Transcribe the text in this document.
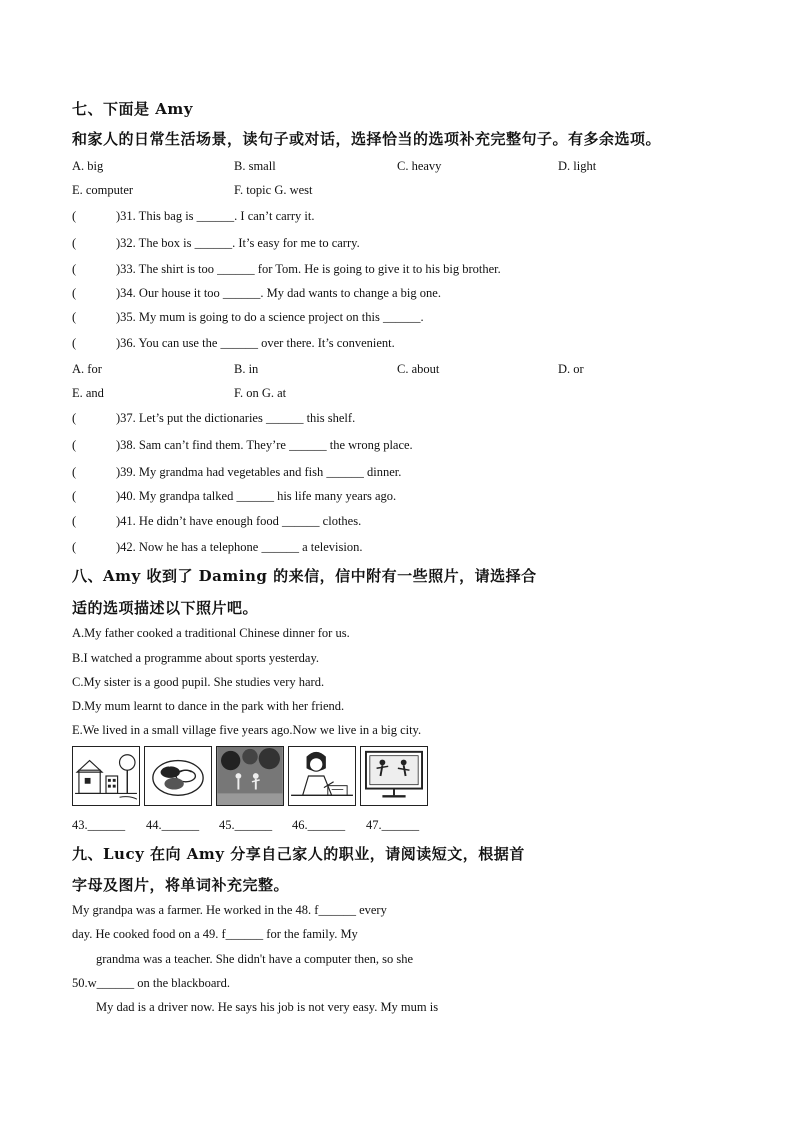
七、下面是 Amy
和家人的日常生活场景，读句子或对话，选择恰当的选项补充完整句子。有多余选项。
A. big	B. small	C. heavy	D. light
E. computer	F. topic G. west
(	)31. This bag is ______. I can’t carry it.
(	)32. The box is ______. It’s easy for me to carry.
(	)33. The shirt is too ______ for Tom. He is going to give it to his big brother.
(	)34. Our house it too ______. My dad wants to change a big one.
(	)35. My mum is going to do a science project on this ______.
(	)36. You can use the ______ over there. It’s convenient.
A. for	B. in	C. about	D. or
E. and	F. on G. at
(	)37. Let’s put the dictionaries ______ this shelf.
(	)38. Sam can’t find them. They’re ______ the wrong place.
(	)39. My grandma had vegetables and fish ______ dinner.
(	)40. My grandpa talked ______ his life many years ago.
(	)41. He didn’t have enough food ______ clothes.
(	)42. Now he has a telephone ______ a television.
八、Amy 收到了 Daming 的来信，信中附有一些照片，请选择合
适的选项描述以下照片吧。
A.My father cooked a traditional Chinese dinner for us.
B.I watched a programme about sports yesterday.
C.My sister is a good pupil. She studies very hard.
D.My mum learnt to dance in the park with her friend.
E.We lived in a small village five years ago.Now we live in a big city.
43.______ 44.______ 45.______ 46.______ 47.______
九、Lucy 在向 Amy 分享自己家人的职业，请阅读短文，根据首
字母及图片，将单词补充完整。
My grandpa was a farmer. He worked in the 48. f______ every
day. He cooked food on a 49. f______ for the family. My
grandma was a teacher. She didn't have a computer then, so she
50.w______ on the blackboard.
My dad is a driver now. He says his job is not very easy. My mum is
